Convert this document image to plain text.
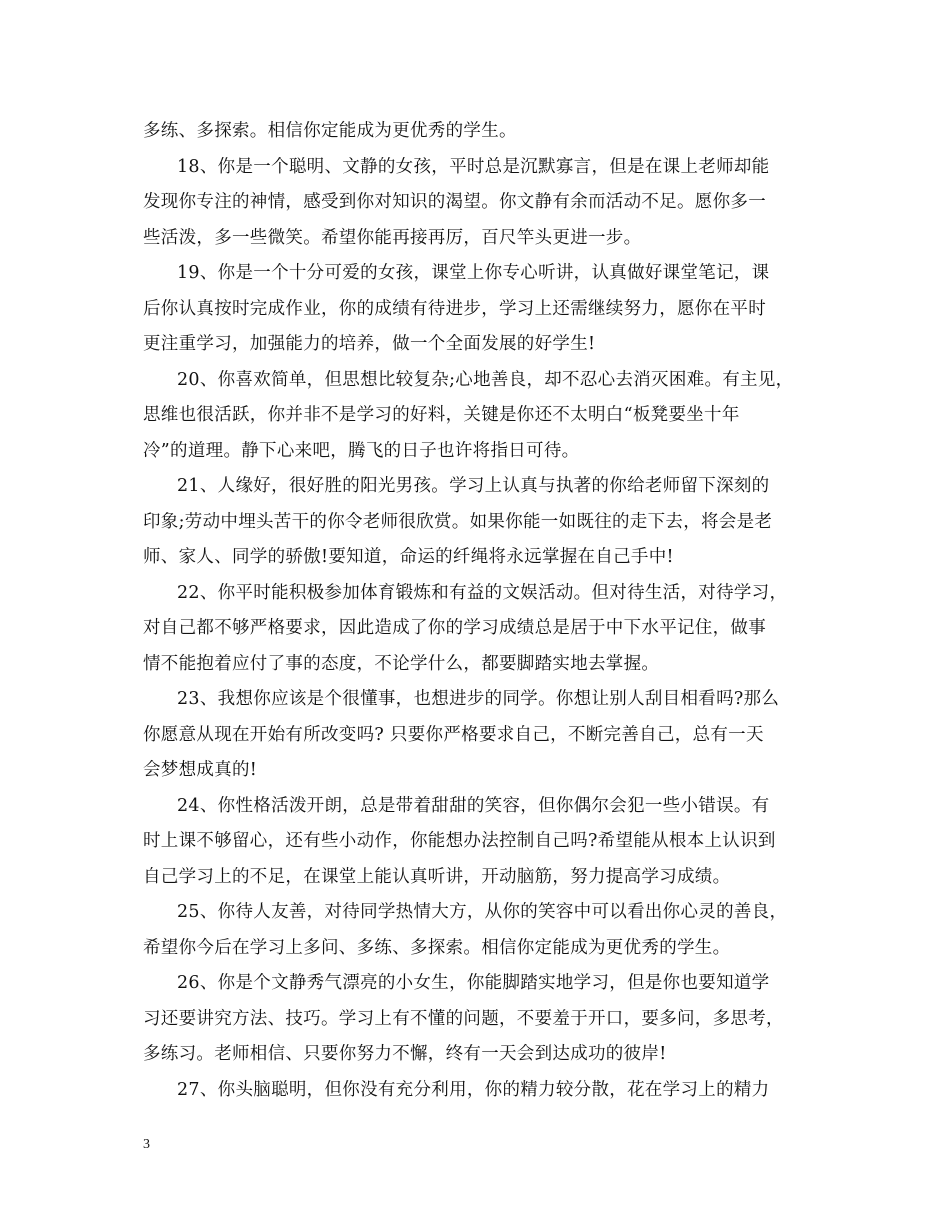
多练、多探索。相信你定能成为更优秀的学生。
18、你是一个聪明、文静的女孩，平时总是沉默寡言，但是在课上老师却能
发现你专注的神情，感受到你对知识的渴望。你文静有余而活动不足。愿你多一
些活泼，多一些微笑。希望你能再接再厉，百尺竿头更进一步。
19、你是一个十分可爱的女孩，课堂上你专心听讲，认真做好课堂笔记，课
后你认真按时完成作业，你的成绩有待进步，学习上还需继续努力，愿你在平时
更注重学习，加强能力的培养，做一个全面发展的好学生!
20、你喜欢简单，但思想比较复杂;心地善良，却不忍心去消灭困难。有主见，
思维也很活跃，你并非不是学习的好料，关键是你还不太明白“板凳要坐十年
冷”的道理。静下心来吧，腾飞的日子也许将指日可待。
21、人缘好，很好胜的阳光男孩。学习上认真与执著的你给老师留下深刻的
印象;劳动中埋头苦干的你令老师很欣赏。如果你能一如既往的走下去，将会是老
师、家人、同学的骄傲!要知道，命运的纤绳将永远掌握在自己手中!
22、你平时能积极参加体育锻炼和有益的文娱活动。但对待生活，对待学习，
对自己都不够严格要求，因此造成了你的学习成绩总是居于中下水平记住，做事
情不能抱着应付了事的态度，不论学什么，都要脚踏实地去掌握。
23、我想你应该是个很懂事，也想进步的同学。你想让别人刮目相看吗?那么
你愿意从现在开始有所改变吗? 只要你严格要求自己，不断完善自己，总有一天
会梦想成真的!
24、你性格活泼开朗，总是带着甜甜的笑容，但你偶尔会犯一些小错误。有
时上课不够留心，还有些小动作，你能想办法控制自己吗?希望能从根本上认识到
自己学习上的不足，在课堂上能认真听讲，开动脑筋，努力提高学习成绩。
25、你待人友善，对待同学热情大方，从你的笑容中可以看出你心灵的善良，
希望你今后在学习上多问、多练、多探索。相信你定能成为更优秀的学生。
26、你是个文静秀气漂亮的小女生，你能脚踏实地学习，但是你也要知道学
习还要讲究方法、技巧。学习上有不懂的问题，不要羞于开口，要多问，多思考，
多练习。老师相信、只要你努力不懈，终有一天会到达成功的彼岸!
27、你头脑聪明，但你没有充分利用，你的精力较分散，花在学习上的精力
3
